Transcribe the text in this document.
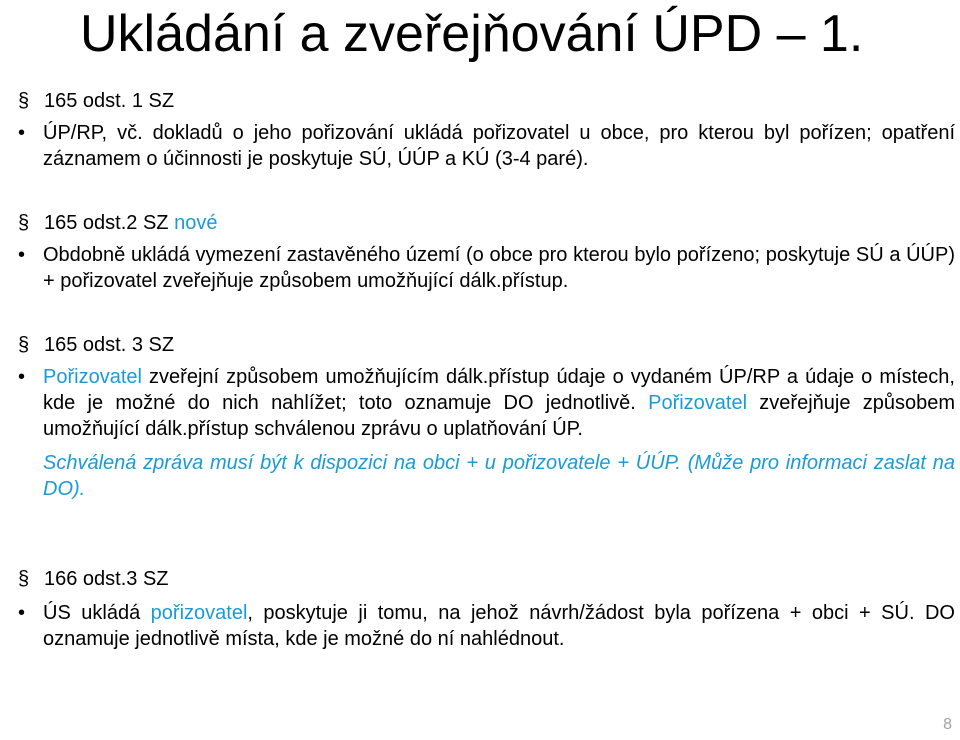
Ukládání a zveřejňování ÚPD – 1.
§ 165 odst. 1 SZ
• ÚP/RP, vč. dokladů o jeho pořizování ukládá pořizovatel u obce, pro kterou byl pořízen; opatření záznamem o účinnosti je poskytuje SÚ, ÚÚP a KÚ (3-4 paré).
§ 165 odst.2 SZ nové
• Obdobně ukládá vymezení zastavěného území (o obce pro kterou bylo pořízeno; poskytuje SÚ a ÚÚP) + pořizovatel zveřejňuje způsobem umožňující dálk.přístup.
§ 165 odst. 3 SZ
• Pořizovatel zveřejní způsobem umožňujícím dálk.přístup údaje o vydaném ÚP/RP a údaje o místech, kde je možné do nich nahlížet; toto oznamuje DO jednotlivě. Pořizovatel zveřejňuje způsobem umožňující dálk.přístup schválenou zprávu o uplatňování ÚP.
Schválená zpráva musí být k dispozici na obci + u pořizovatele + ÚÚP. (Může pro informaci zaslat na DO).
§ 166 odst.3 SZ
• ÚS ukládá pořizovatel, poskytuje ji tomu, na jehož návrh/žádost byla pořízena + obci + SÚ. DO oznamuje jednotlivě místa, kde je možné do ní nahlédnout.
8
